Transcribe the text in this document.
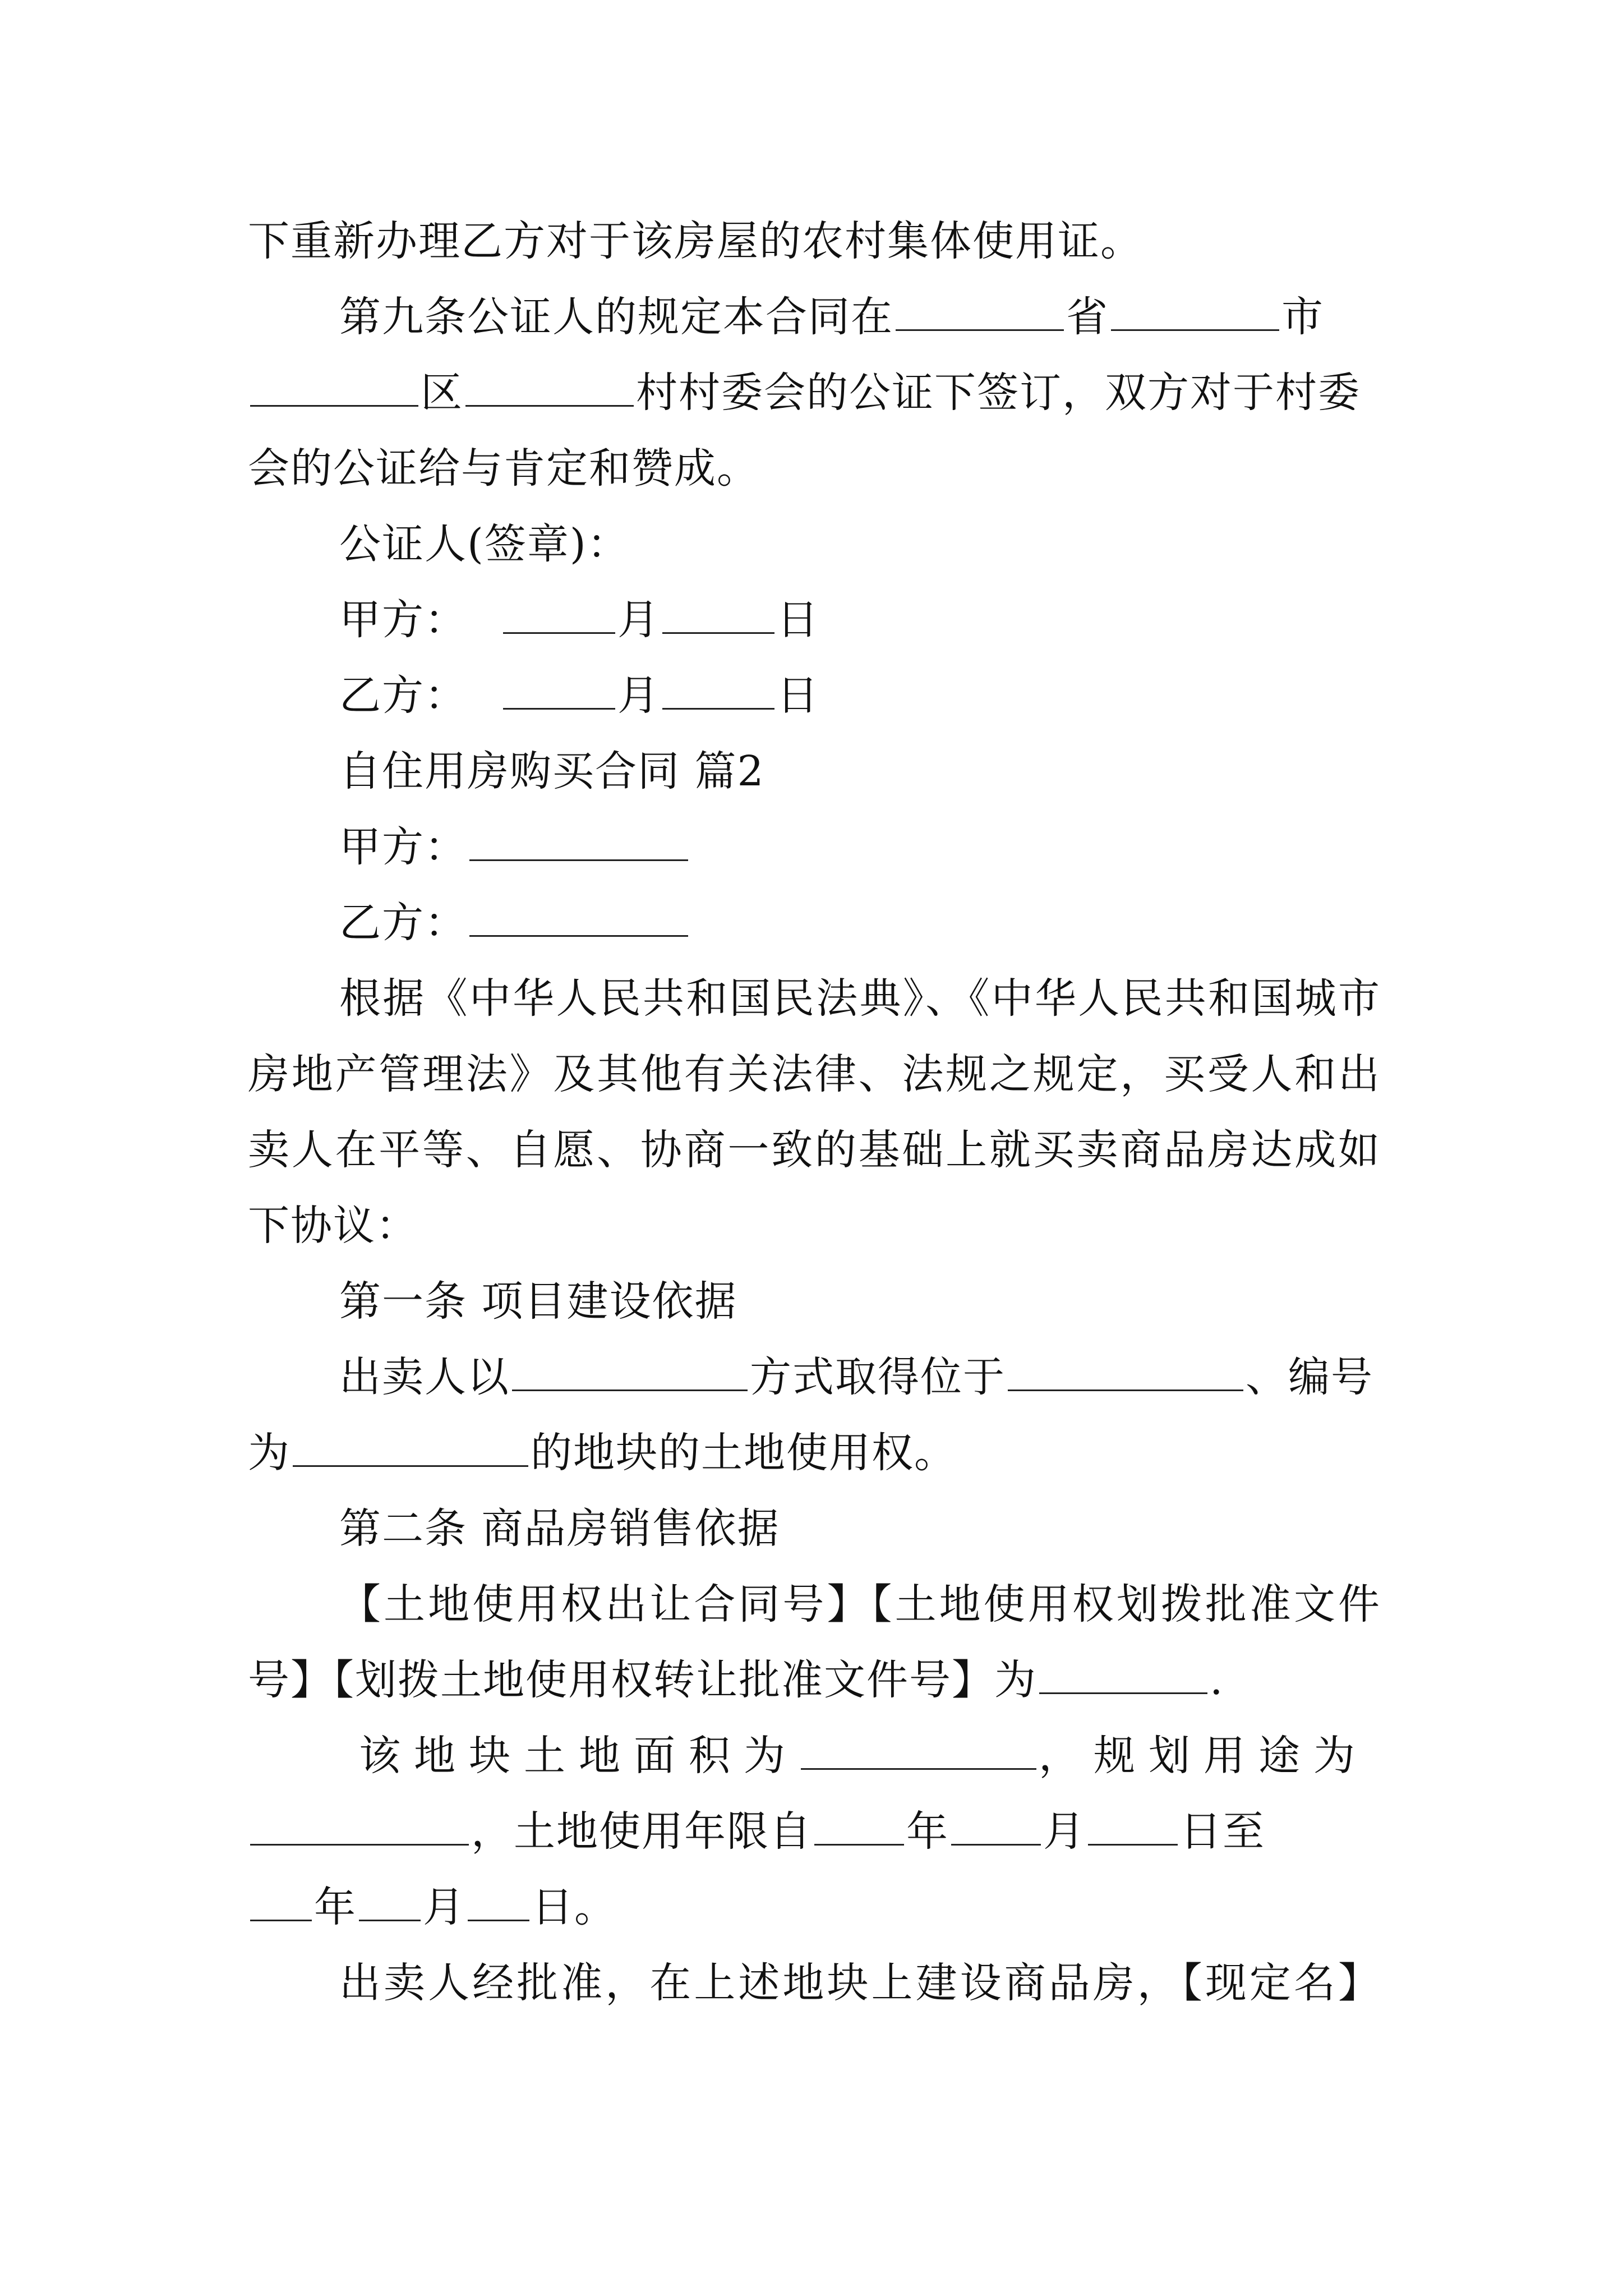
下重新办理乙方对于该房屋的农村集体使用证。
第九条公证人的规定本合同在	省	市
区	村村委会的公证下签订，双方对于村委
会的公证给与肯定和赞成。
公证人(签章)：
甲方：	月	日
乙方：	月	日
自住用房购买合同 篇2
甲方：
乙方：
根据《中华人民共和国民法典》、《中华人民共和国城市
房地产管理法》及其他有关法律、法规之规定，买受人和出
卖人在平等、自愿、协商一致的基础上就买卖商品房达成如
下协议：
第一条 项目建设依据
出卖人以	方式取得位于	、编号
为	的地块的土地使用权。
第二条 商品房销售依据
【土地使用权出让合同号】【土地使用权划拨批准文件
号】【划拨土地使用权转让批准文件号】为	.
该地块土地面积为	，规划用途为
，土地使用年限自 年 月 日至
年 月 日。
出卖人经批准，在上述地块上建设商品房，【现定名】
